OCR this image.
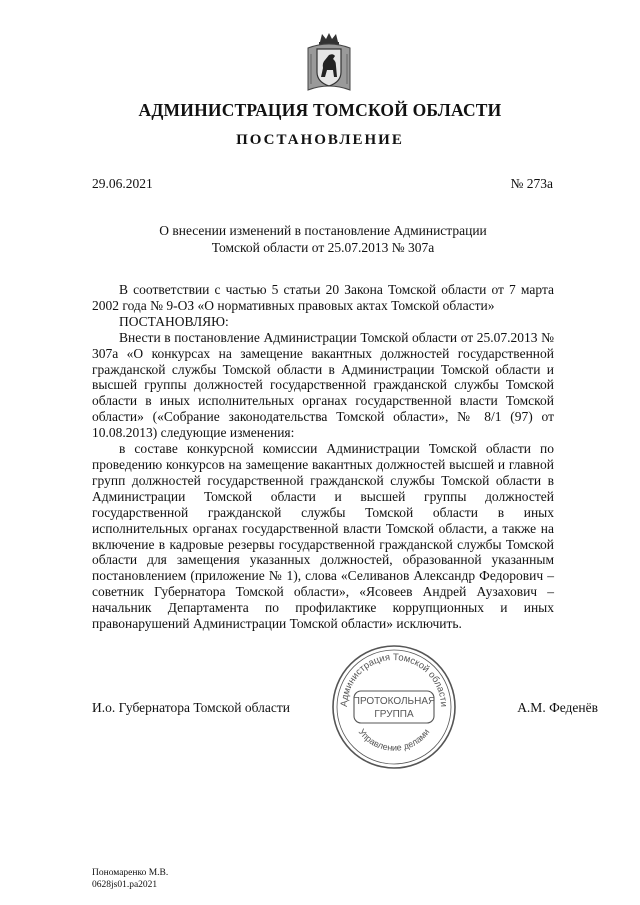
АДМИНИСТРАЦИЯ ТОМСКОЙ ОБЛАСТИ
ПОСТАНОВЛЕНИЕ
29.06.2021	№ 273а
О внесении изменений в постановление Администрации
Томской области от 25.07.2013 № 307а

В соответствии с частью 5 статьи 20 Закона Томской области от 7 марта 2002 года № 9-ОЗ «О нормативных правовых актах Томской области»

ПОСТАНОВЛЯЮ:

Внести в постановление Администрации Томской области от 25.07.2013 № 307а «О конкурсах на замещение вакантных должностей государственной гражданской службы Томской области в Администрации Томской области и высшей группы должностей государственной гражданской службы Томской области в иных исполнительных органах государственной власти Томской области» («Собрание законодательства Томской области», № 8/1 (97) от 10.08.2013) следующие изменения:

в составе конкурсной комиссии Администрации Томской области по проведению конкурсов на замещение вакантных должностей высшей и главной групп должностей государственной гражданской службы Томской области в Администрации Томской области и высшей группы должностей государственной гражданской службы Томской области в иных исполнительных органах государственной власти Томской области, а также на включение в кадровые резервы государственной гражданской службы Томской области для замещения указанных должностей, образованной указанным постановлением (приложение № 1), слова «Селиванов Александр Федорович – советник Губернатора Томской области», «Ясовеев Андрей Аузахович – начальник Департамента по профилактике коррупционных и иных правонарушений Администрации Томской области» исключить.

И.о. Губернатора Томской области	А.М. Феденёв
Администрация Томской области
Управление делами
ПРОТОКОЛЬНАЯ
ГРУППА
Пономаренко М.В.
0628js01.pa2021
